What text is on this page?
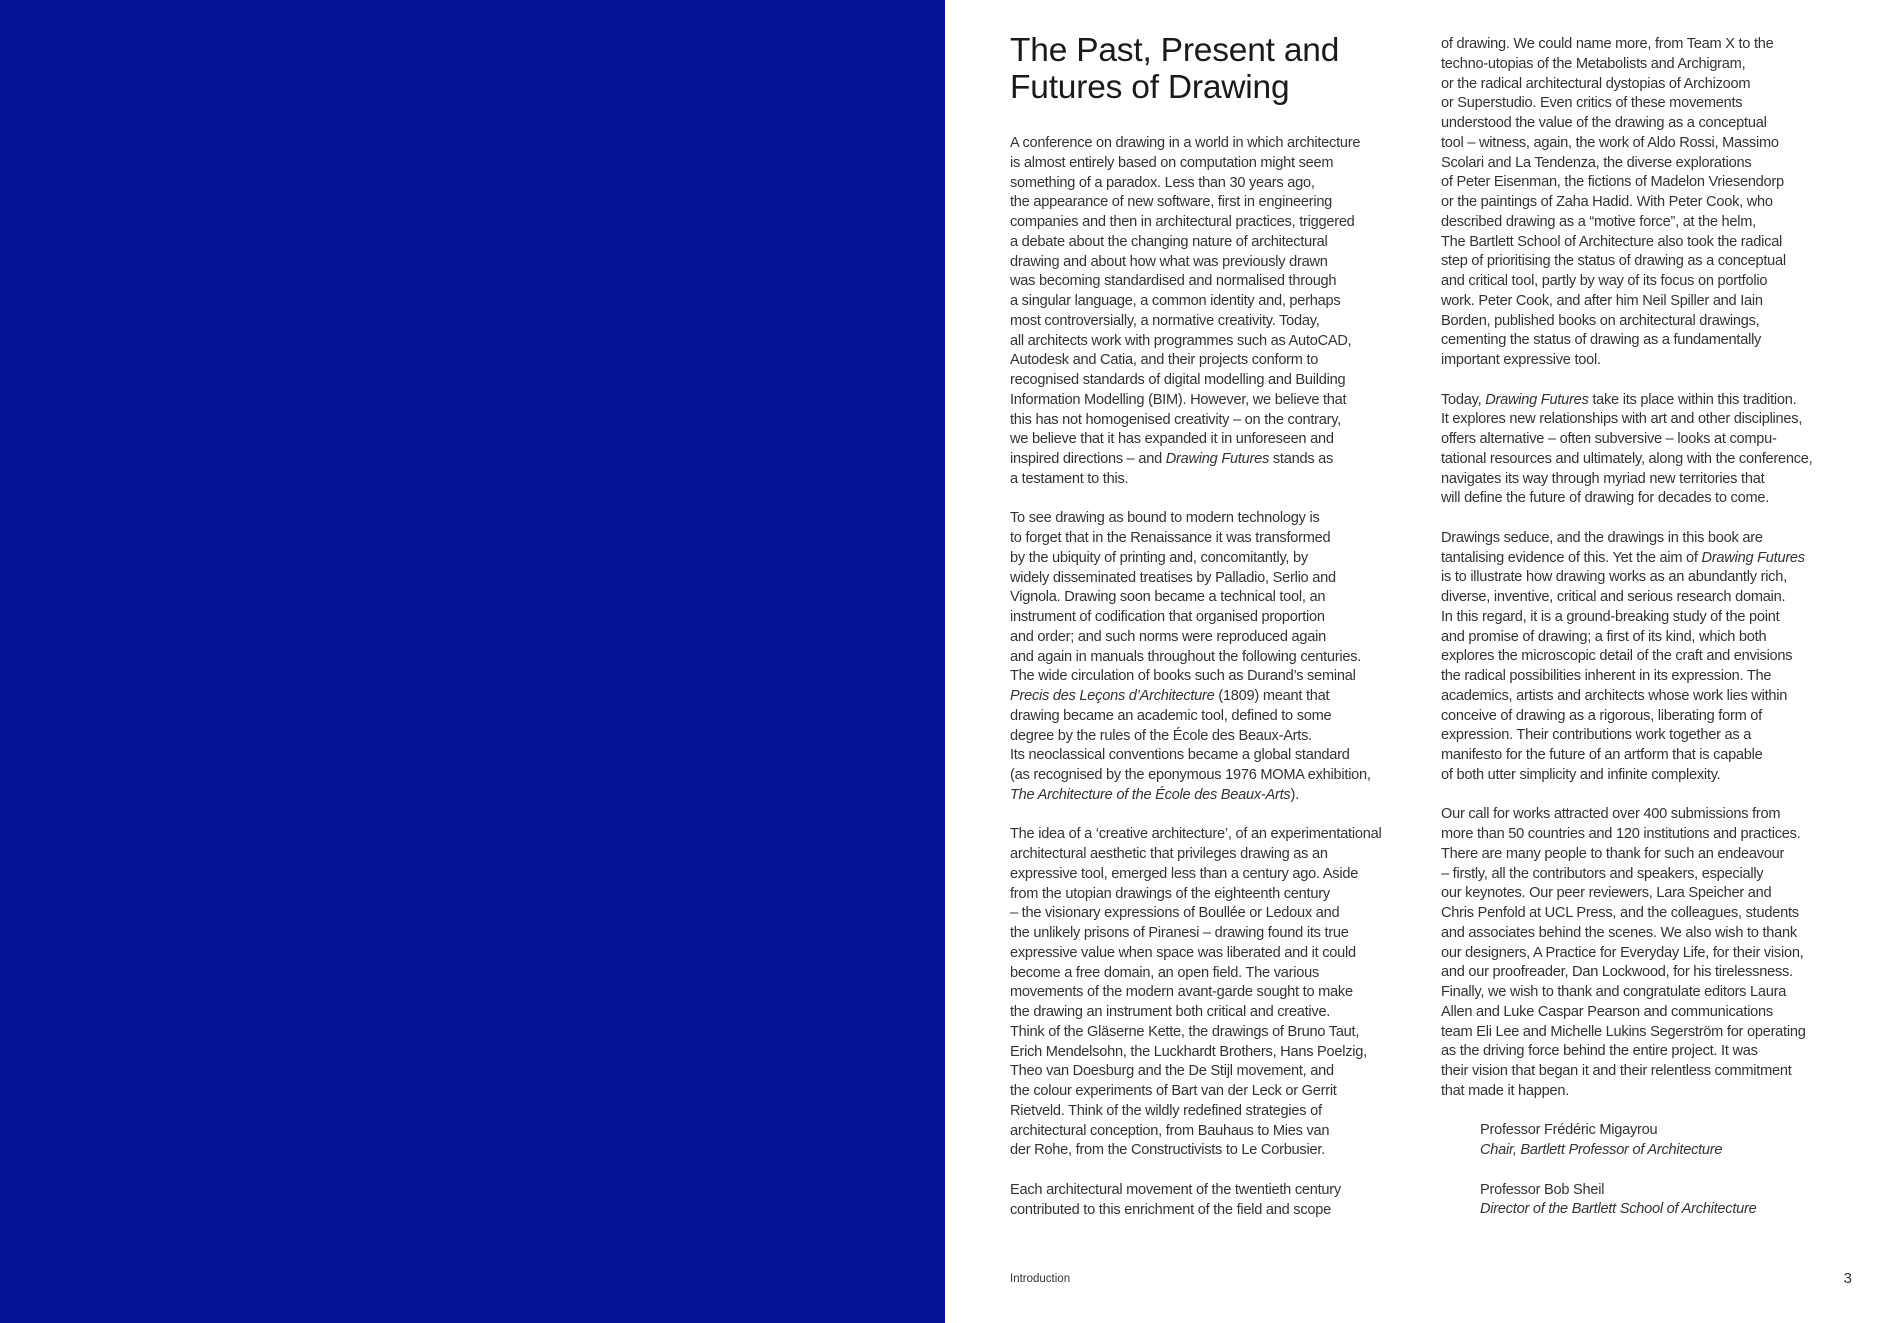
The Past, Present and
Futures of Drawing

A conference on drawing in a world in which architecture
is almost entirely based on computation might seem
something of a paradox. Less than 30 years ago,
the appearance of new software, first in engineering
companies and then in architectural practices, triggered
a debate about the changing nature of architectural
drawing and about how what was previously drawn
was becoming standardised and normalised through
a singular language, a common identity and, perhaps
most controversially, a normative creativity. Today,
all architects work with programmes such as AutoCAD,
Autodesk and Catia, and their projects conform to
recognised standards of digital modelling and Building
Information Modelling (BIM). However, we believe that
this has not homogenised creativity – on the contrary,
we believe that it has expanded it in unforeseen and
inspired directions – and Drawing Futures stands as
a testament to this.

To see drawing as bound to modern technology is
to forget that in the Renaissance it was transformed
by the ubiquity of printing and, concomitantly, by
widely disseminated treatises by Palladio, Serlio and
Vignola. Drawing soon became a technical tool, an
instrument of codification that organised proportion
and order; and such norms were reproduced again
and again in manuals throughout the following centuries.
The wide circulation of books such as Durand’s seminal
Precis des Leçons d’Architecture (1809) meant that
drawing became an academic tool, defined to some
degree by the rules of the École des Beaux-Arts.
Its neoclassical conventions became a global standard
(as recognised by the eponymous 1976 MOMA exhibition,
The Architecture of the École des Beaux-Arts).

The idea of a ‘creative architecture’, of an experimentational
architectural aesthetic that privileges drawing as an
expressive tool, emerged less than a century ago. Aside
from the utopian drawings of the eighteenth century
– the visionary expressions of Boullée or Ledoux and
the unlikely prisons of Piranesi – drawing found its true
expressive value when space was liberated and it could
become a free domain, an open field. The various
movements of the modern avant-garde sought to make
the drawing an instrument both critical and creative.
Think of the Gläserne Kette, the drawings of Bruno Taut,
Erich Mendelsohn, the Luckhardt Brothers, Hans Poelzig,
Theo van Doesburg and the De Stijl movement, and
the colour experiments of Bart van der Leck or Gerrit
Rietveld. Think of the wildly redefined strategies of
architectural conception, from Bauhaus to Mies van
der Rohe, from the Constructivists to Le Corbusier.

Each architectural movement of the twentieth century
contributed to this enrichment of the field and scope

of drawing. We could name more, from Team X to the
techno-utopias of the Metabolists and Archigram,
or the radical architectural dystopias of Archizoom
or Superstudio. Even critics of these movements
understood the value of the drawing as a conceptual
tool – witness, again, the work of Aldo Rossi, Massimo
Scolari and La Tendenza, the diverse explorations
of Peter Eisenman, the fictions of Madelon Vriesendorp
or the paintings of Zaha Hadid. With Peter Cook, who
described drawing as a “motive force”, at the helm,
The Bartlett School of Architecture also took the radical
step of prioritising the status of drawing as a conceptual
and critical tool, partly by way of its focus on portfolio
work. Peter Cook, and after him Neil Spiller and Iain
Borden, published books on architectural drawings,
cementing the status of drawing as a fundamentally
important expressive tool.

Today, Drawing Futures take its place within this tradition.
It explores new relationships with art and other disciplines,
offers alternative – often subversive – looks at compu-
tational resources and ultimately, along with the conference,
navigates its way through myriad new territories that
will define the future of drawing for decades to come.

Drawings seduce, and the drawings in this book are
tantalising evidence of this. Yet the aim of Drawing Futures
is to illustrate how drawing works as an abundantly rich,
diverse, inventive, critical and serious research domain.
In this regard, it is a ground-breaking study of the point
and promise of drawing; a first of its kind, which both
explores the microscopic detail of the craft and envisions
the radical possibilities inherent in its expression. The
academics, artists and architects whose work lies within
conceive of drawing as a rigorous, liberating form of
expression. Their contributions work together as a
manifesto for the future of an artform that is capable
of both utter simplicity and infinite complexity.

Our call for works attracted over 400 submissions from
more than 50 countries and 120 institutions and practices.
There are many people to thank for such an endeavour
– firstly, all the contributors and speakers, especially
our keynotes. Our peer reviewers, Lara Speicher and
Chris Penfold at UCL Press, and the colleagues, students
and associates behind the scenes. We also wish to thank
our designers, A Practice for Everyday Life, for their vision,
and our proofreader, Dan Lockwood, for his tirelessness.
Finally, we wish to thank and congratulate editors Laura
Allen and Luke Caspar Pearson and communications
team Eli Lee and Michelle Lukins Segerström for operating
as the driving force behind the entire project. It was
their vision that began it and their relentless commitment
that made it happen.

Professor Frédéric Migayrou
Chair, Bartlett Professor of Architecture

Professor Bob Sheil
Director of the Bartlett School of Architecture

Introduction	3
